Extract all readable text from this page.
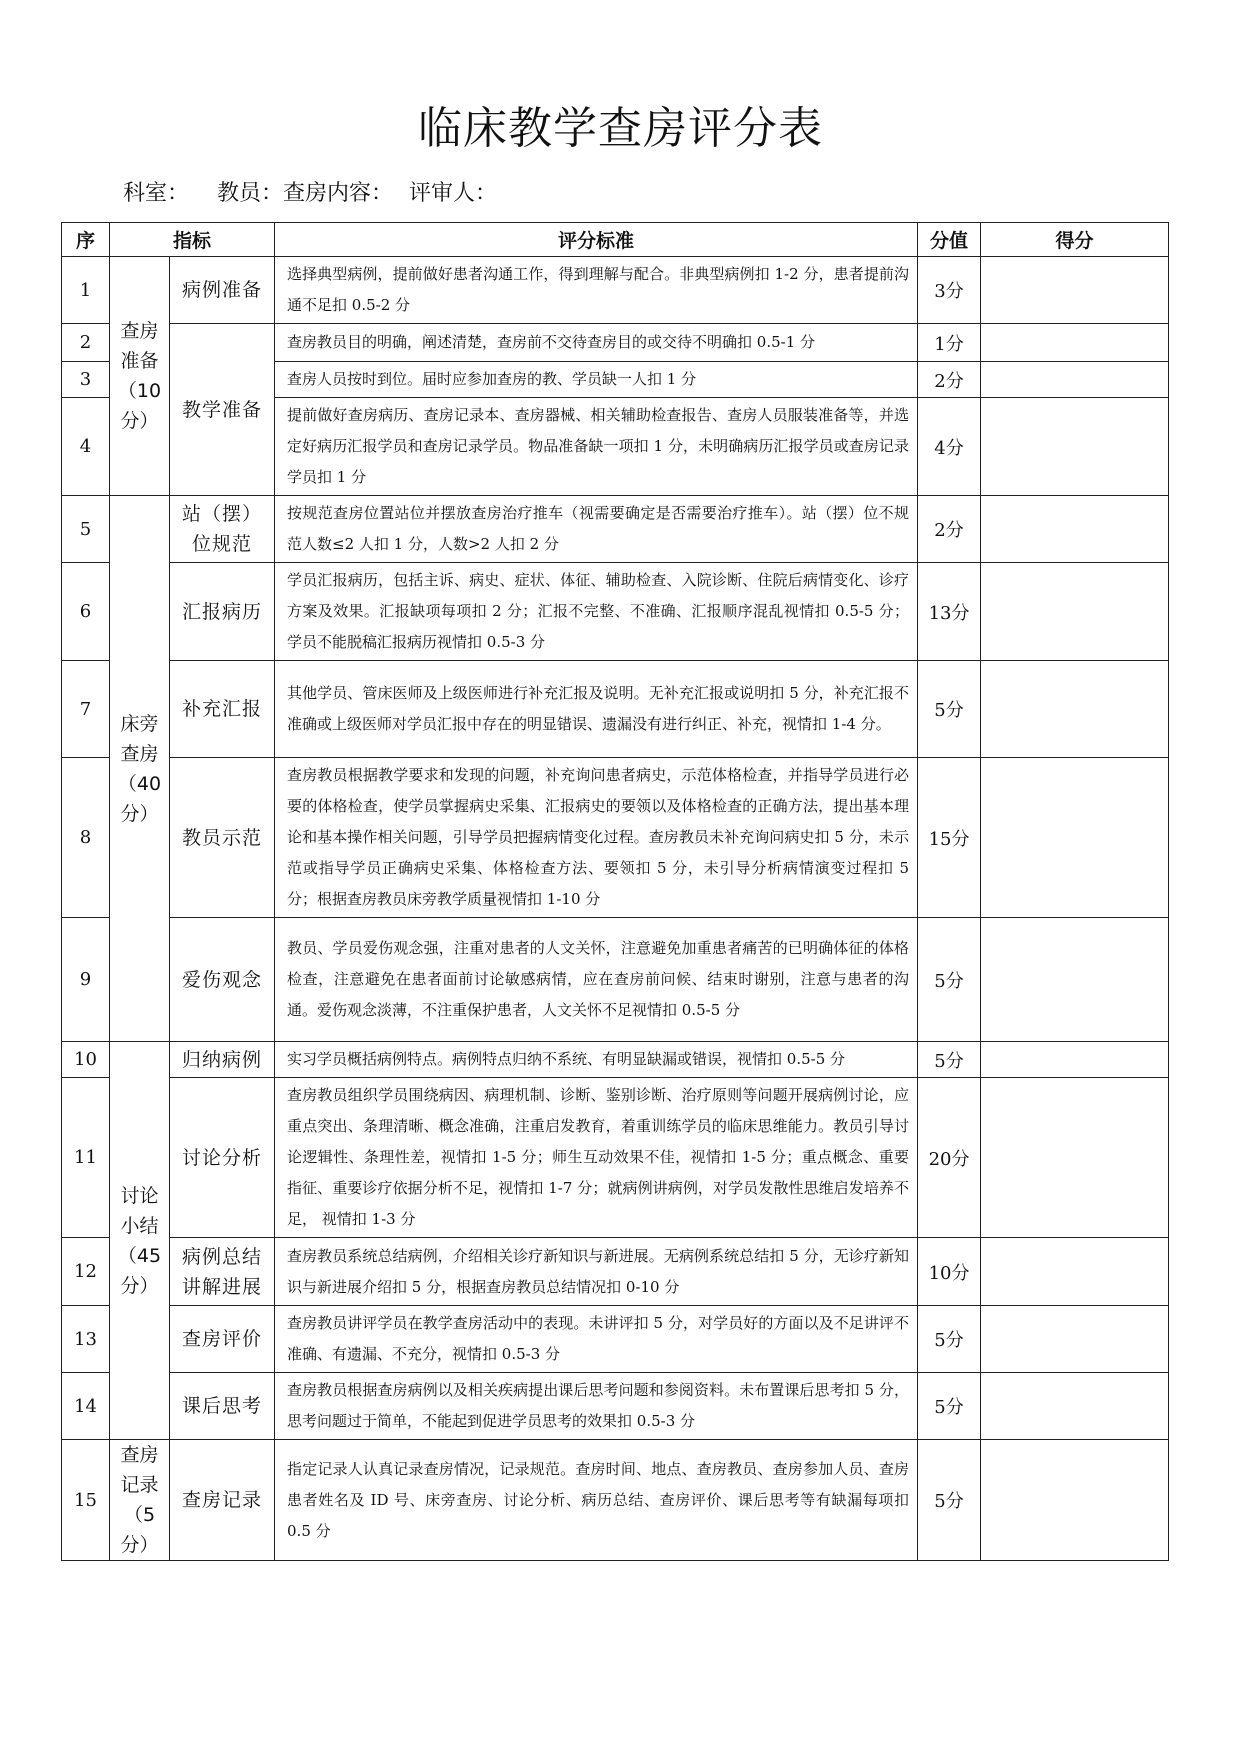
临床教学查房评分表
科室： 教员：查房内容： 评审人：
序	指标		评分标准	分值	得分
1	查房
准备
（10
分）	病例准备	选择典型病例，提前做好患者沟通工作，得到理解与配合。非典型病例扣 1-2 分，患者提前沟通不足扣 0.5-2 分	3分	
2		教学准备	查房教员目的明确，阐述清楚，查房前不交待查房目的或交待不明确扣 0.5-1 分	1分	
3			查房人员按时到位。届时应参加查房的教、学员缺一人扣 1 分	2分	
4			提前做好查房病历、查房记录本、查房器械、相关辅助检查报告、查房人员服装准备等，并选定好病历汇报学员和查房记录学员。物品准备缺一项扣 1 分，未明确病历汇报学员或查房记录学员扣 1 分	4分	
5	床旁
查房
（40
分）	站（摆）
位规范	按规范查房位置站位并摆放查房治疗推车（视需要确定是否需要治疗推车）。站（摆）位不规范人数≤2 人扣 1 分，人数>2 人扣 2 分	2分	
6		汇报病历	学员汇报病历，包括主诉、病史、症状、体征、辅助检查、入院诊断、住院后病情变化、诊疗方案及效果。汇报缺项每项扣 2 分；汇报不完整、不准确、汇报顺序混乱视情扣 0.5-5 分；学员不能脱稿汇报病历视情扣 0.5-3 分	13分	
7		补充汇报	其他学员、管床医师及上级医师进行补充汇报及说明。无补充汇报或说明扣 5 分，补充汇报不准确或上级医师对学员汇报中存在的明显错误、遗漏没有进行纠正、补充，视情扣 1-4 分。	5分	
8		教员示范	查房教员根据教学要求和发现的问题，补充询问患者病史，示范体格检查，并指导学员进行必要的体格检查，使学员掌握病史采集、汇报病史的要领以及体格检查的正确方法，提出基本理论和基本操作相关问题，引导学员把握病情变化过程。查房教员未补充询问病史扣 5 分，未示范或指导学员正确病史采集、体格检查方法、要领扣 5 分，未引导分析病情演变过程扣 5 分；根据查房教员床旁教学质量视情扣 1-10 分	15分	
9		爱伤观念	教员、学员爱伤观念强，注重对患者的人文关怀，注意避免加重患者痛苦的已明确体征的体格检查，注意避免在患者面前讨论敏感病情，应在查房前问候、结束时谢别，注意与患者的沟通。爱伤观念淡薄，不注重保护患者，人文关怀不足视情扣 0.5-5 分	5分	
10	讨论
小结
（45
分）	归纳病例	实习学员概括病例特点。病例特点归纳不系统、有明显缺漏或错误，视情扣 0.5-5 分	5分	
11		讨论分析	查房教员组织学员围绕病因、病理机制、诊断、鉴别诊断、治疗原则等问题开展病例讨论，应重点突出、条理清晰、概念准确，注重启发教育，着重训练学员的临床思维能力。教员引导讨论逻辑性、条理性差，视情扣 1-5 分；师生互动效果不佳，视情扣 1-5 分；重点概念、重要指征、重要诊疗依据分析不足，视情扣 1-7 分；就病例讲病例，对学员发散性思维启发培养不足， 视情扣 1-3 分	20分	
12		病例总结
讲解进展	查房教员系统总结病例，介绍相关诊疗新知识与新进展。无病例系统总结扣 5 分，无诊疗新知识与新进展介绍扣 5 分，根据查房教员总结情况扣 0-10 分	10分	
13		查房评价	查房教员讲评学员在教学查房活动中的表现。未讲评扣 5 分，对学员好的方面以及不足讲评不准确、有遗漏、不充分，视情扣 0.5-3 分	5分	
14		课后思考	查房教员根据查房病例以及相关疾病提出课后思考问题和参阅资料。未布置课后思考扣 5 分，思考问题过于简单，不能起到促进学员思考的效果扣 0.5-3 分	5分	
15	查房
记录
（5分）	查房记录	指定记录人认真记录查房情况，记录规范。查房时间、地点、查房教员、查房参加人员、查房患者姓名及 ID 号、床旁查房、讨论分析、病历总结、查房评价、课后思考等有缺漏每项扣 0.5 分	5分	
